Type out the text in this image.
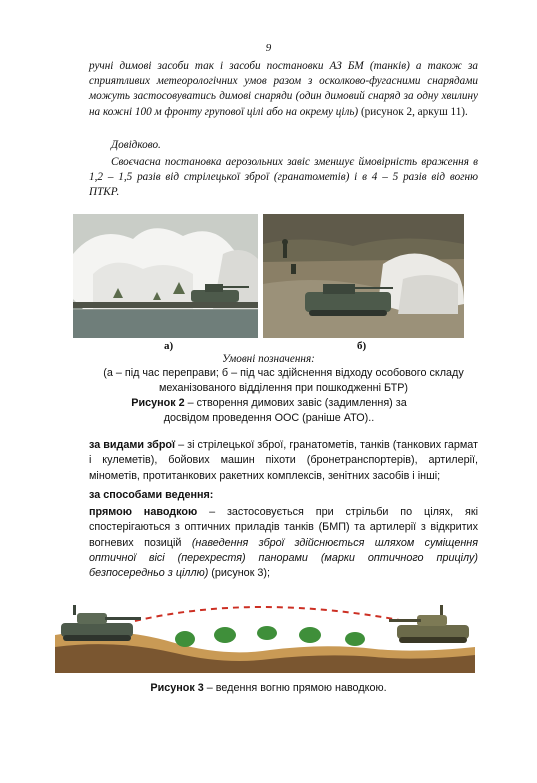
9
ручні димові засоби так і засоби постановки АЗ БМ (танків) а також за сприятливих метеорологічних умов разом з осколково-фугасними снарядами можуть застосовуватись димові снаряди (один димовий снаряд за одну хвилину на кожні 100 м фронту групової цілі або на окрему ціль) (рисунок 2, аркуш 11).
Довідково.
Своєчасна постановка аерозольних завіс зменшує ймовірність враження в 1,2 – 1,5 разів від стрілецької зброї (гранатометів) і в 4 – 5 разів від вогню ПТКР.
а)	б)
Умовні позначення:
(а – під час переправи; б – під час здійснення відходу особового складу механізованого відділення при пошкодженні БТР)
Рисунок 2 – створення димових завіс (задимлення) за досвідом проведення ООС (раніше АТО)..
за видами зброї – зі стрілецької зброї, гранатометів, танків (танкових гармат і кулеметів), бойових машин піхоти (бронетранспортерів), артилерії, мінометів, протитанкових ракетних комплексів, зенітних засобів і інші;
за способами ведення:
прямою наводкою – застосовується при стрільби по цілях, які спостерігаються з оптичних приладів танків (БМП) та артилерії з відкритих вогневих позицій (наведення зброї здійснюється шляхом суміщення оптичної вісі (перехрестя) панорами (марки оптичного прицілу) безпосередньо з ціллю) (рисунок 3);
Рисунок 3 – ведення вогню прямою наводкою.
